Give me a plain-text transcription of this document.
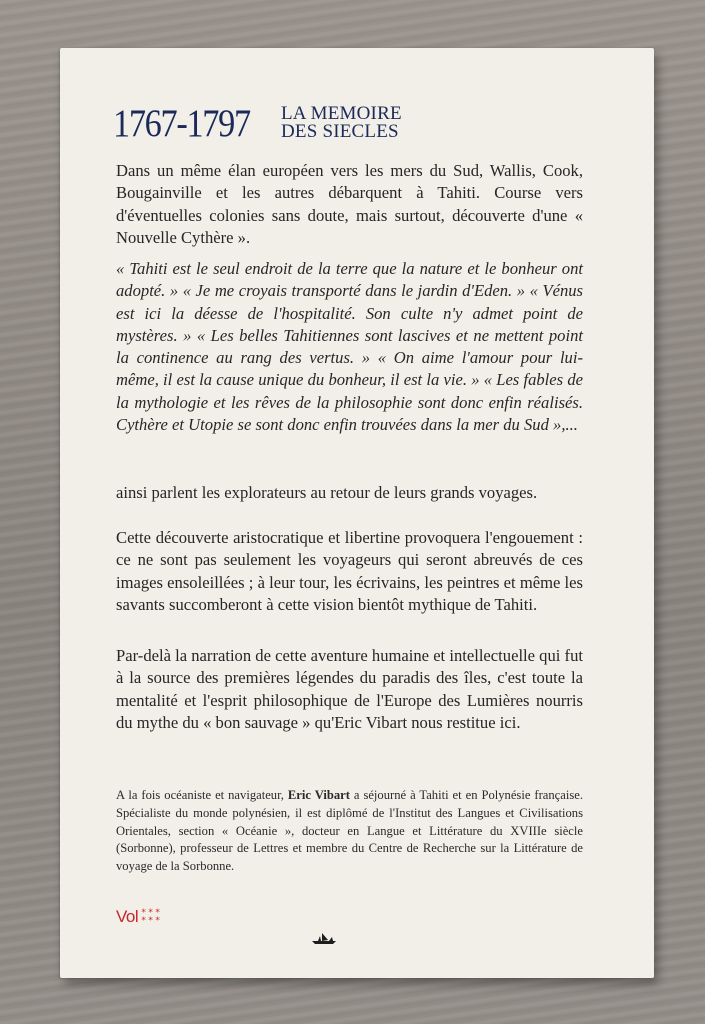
1767-1797	LA MEMOIRE
DES SIECLES

Dans un même élan européen vers les mers du Sud, Wallis, Cook, Bougainville et les autres débarquent à Tahiti. Course vers d'éventuelles colonies sans doute, mais surtout, découverte d'une « Nouvelle Cythère ».

« Tahiti est le seul endroit de la terre que la nature et le bonheur ont adopté. » « Je me croyais transporté dans le jardin d'Eden. » « Vénus est ici la déesse de l'hospitalité. Son culte n'y admet point de mystères. » « Les belles Tahitiennes sont lascives et ne mettent point la continence au rang des vertus. » « On aime l'amour pour lui-même, il est la cause unique du bonheur, il est la vie. » « Les fables de la mythologie et les rêves de la philosophie sont donc enfin réalisés. Cythère et Utopie se sont donc enfin trouvées dans la mer du Sud »,...

ainsi parlent les explorateurs au retour de leurs grands voyages.

Cette découverte aristocratique et libertine provoquera l'engouement : ce ne sont pas seulement les voyageurs qui seront abreuvés de ces images ensoleillées ; à leur tour, les écrivains, les peintres et même les savants succomberont à cette vision bientôt mythique de Tahiti.

Par-delà la narration de cette aventure humaine et intellectuelle qui fut à la source des premières légendes du paradis des îles, c'est toute la mentalité et l'esprit philosophique de l'Europe des Lumières nourris du mythe du « bon sauvage » qu'Eric Vibart nous restitue ici.

A la fois océaniste et navigateur, Eric Vibart a séjourné à Tahiti et en Polynésie française. Spécialiste du monde polynésien, il est diplômé de l'Institut des Langues et Civilisations Orientales, section « Océanie », docteur en Langue et Littérature du XVIIIe siècle (Sorbonne), professeur de Lettres et membre du Centre de Recherche sur la Littérature de voyage de la Sorbonne.

Vol * * *
* * *
